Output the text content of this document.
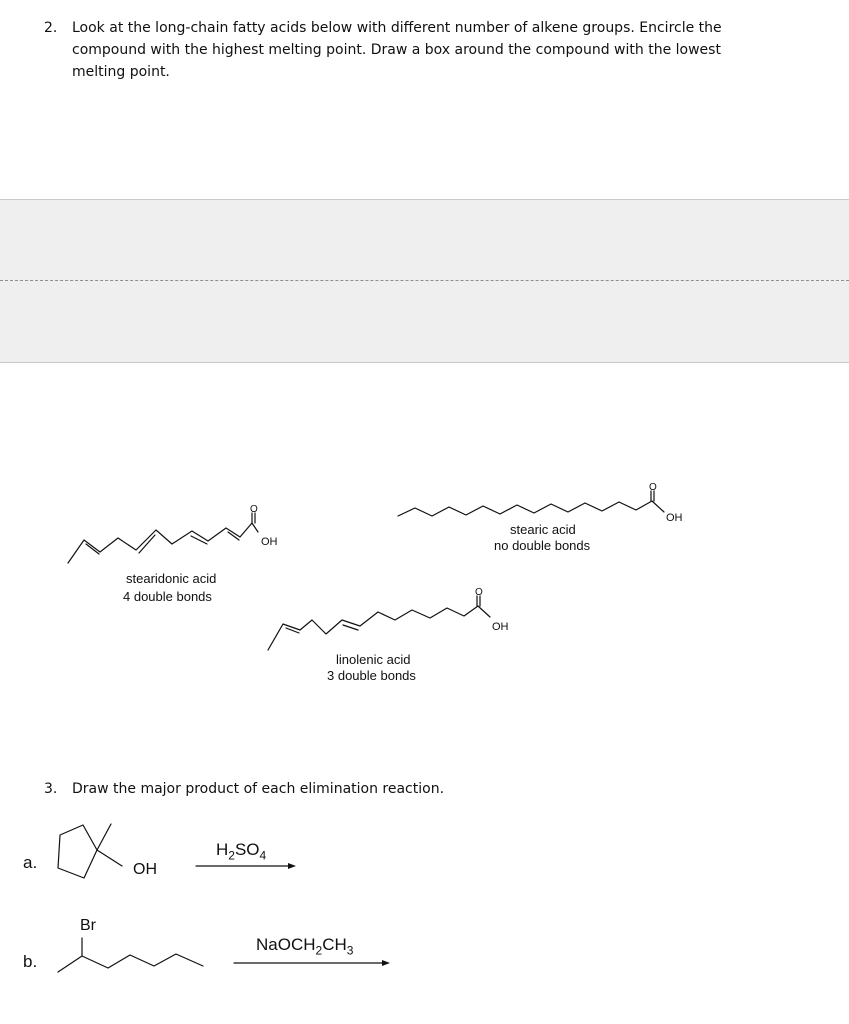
2. Look at the long-chain fatty acids below with different number of alkene groups. Encircle the compound with the highest melting point. Draw a box around the compound with the lowest melting point.
O
OH
O
OH
O
OH
stearidonic acid
4 double bonds
stearic acid
no double bonds
linolenic acid
3 double bonds
3. Draw the major product of each elimination reaction.
a.	OH
$H_2SO_4$
b.
Br
$NaOCH_2CH_3$
